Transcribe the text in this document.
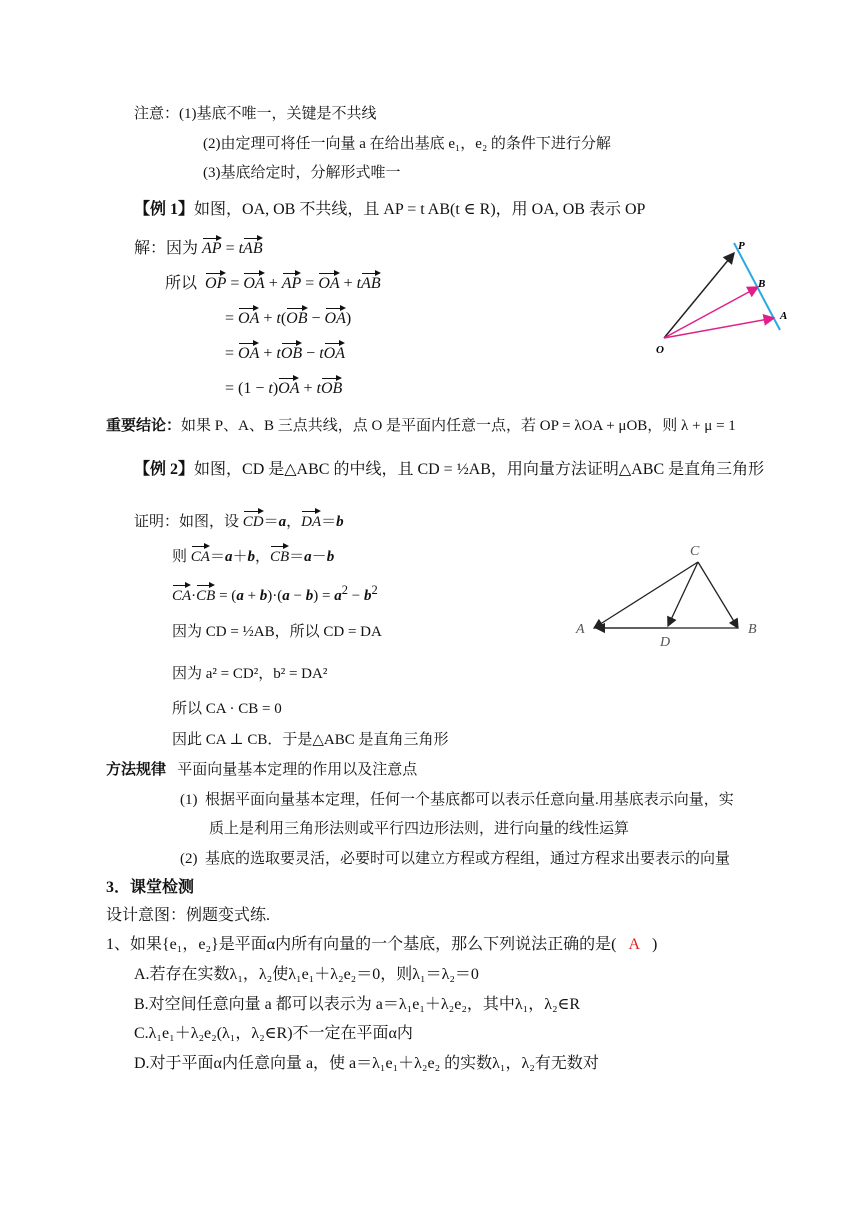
注意：(1)基底不唯一，关键是不共线
(2)由定理可将任一向量 a 在给出基底 e₁，e₂ 的条件下进行分解
(3)基底给定时，分解形式唯一
【例 1】如图，OA, OB 不共线，且 AP = t AB(t ∈ R)，用 OA, OB 表示 OP
解：因为 AP = tAB
所以 OP = OA + AP = OA + tAB
= OA + t(OB − OA)
= OA + tOB − tOA
= (1 − t)OA + tOB
P
B
A
O
重要结论：如果 P、A、B 三点共线，点 O 是平面内任意一点，若 OP = λOA + μOB，则 λ + μ = 1
【例 2】如图，CD 是△ABC 的中线，且 CD = ½AB，用向量方法证明△ABC 是直角三角形
证明：如图，设 CD＝a，DA＝b
则 CA＝a＋b，CB＝a－b
$CA\cdot CB = (a + b)\cdot(a - b) = a^2 - b^2$
因为 CD = ½AB，所以 CD = DA
因为 a² = CD²，b² = DA²
所以 CA · CB = 0
因此 CA ⊥ CB．于是△ABC 是直角三角形
C
A	B
D
方法规律 平面向量基本定理的作用以及注意点
(1) 根据平面向量基本定理，任何一个基底都可以表示任意向量.用基底表示向量，实
质上是利用三角形法则或平行四边形法则，进行向量的线性运算
(2) 基底的选取要灵活，必要时可以建立方程或方程组，通过方程求出要表示的向量
3．课堂检测
设计意图：例题变式练.
1、如果{e₁，e₂}是平面α内所有向量的一个基底，那么下列说法正确的是( A )
A.若存在实数λ₁，λ₂使λ₁e₁＋λ₂e₂＝0，则λ₁＝λ₂＝0
B.对空间任意向量 a 都可以表示为 a＝λ₁e₁＋λ₂e₂，其中λ₁，λ₂∈R
C.λ₁e₁＋λ₂e₂(λ₁，λ₂∈R)不一定在平面α内
D.对于平面α内任意向量 a，使 a＝λ₁e₁＋λ₂e₂ 的实数λ₁，λ₂有无数对
